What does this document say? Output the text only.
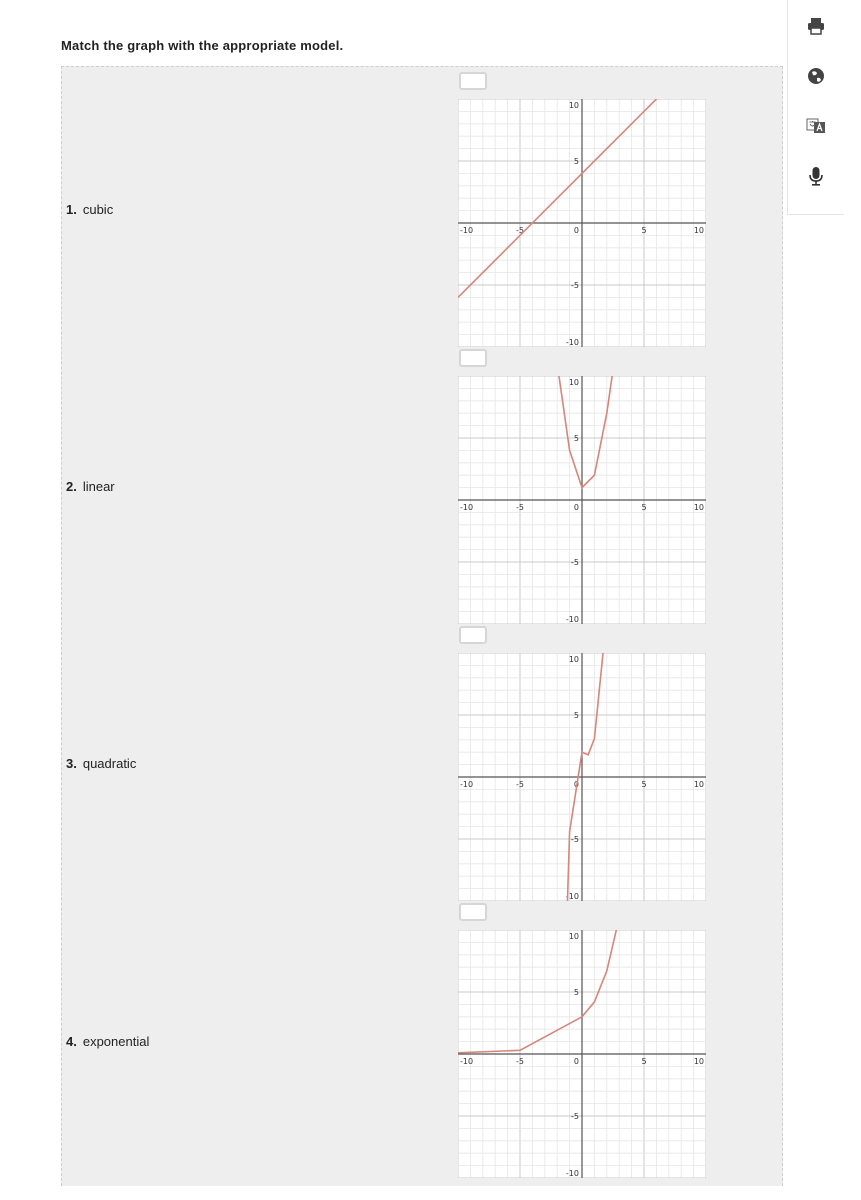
Match the graph with the appropriate model.
1. cubic
2. linear
3. quadratic
4. exponential
-10	-5	0	5	10
10
5
-5
-10
-10	-5	0	5	10
10
5
-5
-10
-10	-5	0	5	10
10
5
-5
-10
-10	-5	0	5	10
10
5
-5
-10
